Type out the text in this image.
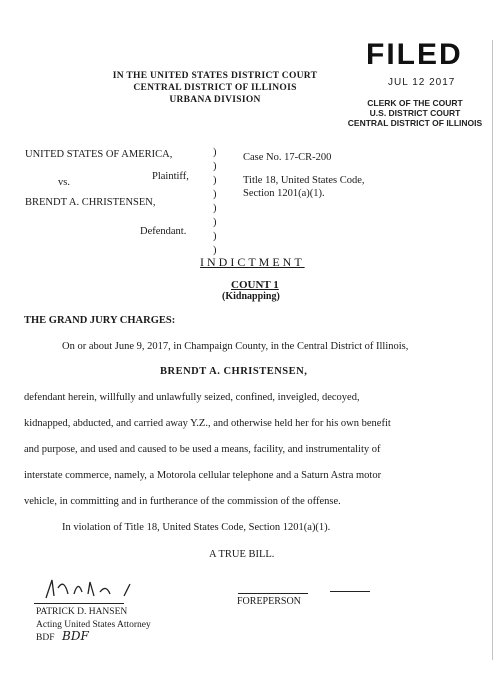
FILED
JUL 12 2017
CLERK OF THE COURT
U.S. DISTRICT COURT
CENTRAL DISTRICT OF ILLINOIS
IN THE UNITED STATES DISTRICT COURT
CENTRAL DISTRICT OF ILLINOIS
URBANA DIVISION
UNITED STATES OF AMERICA,
Plaintiff,
vs.
BRENDT A. CHRISTENSEN,
Defendant.
)
)
)
)
)
)
)
)
Case No. 17-CR-200
Title 18, United States Code,
Section 1201(a)(1).
INDICTMENT
COUNT 1
(Kidnapping)
THE GRAND JURY CHARGES:
On or about June 9, 2017, in Champaign County, in the Central District of Illinois,
BRENDT A. CHRISTENSEN,
defendant herein, willfully and unlawfully seized, confined, inveigled, decoyed,
kidnapped, abducted, and carried away Y.Z., and otherwise held her for his own benefit
and purpose, and used and caused to be used a means, facility, and instrumentality of
interstate commerce, namely, a Motorola cellular telephone and a Saturn Astra motor
vehicle, in committing and in furtherance of the commission of the offense.
In violation of Title 18, United States Code, Section 1201(a)(1).
A TRUE BILL.
FOREPERSON
PATRICK D. HANSEN
Acting United States Attorney
BDF BDF
